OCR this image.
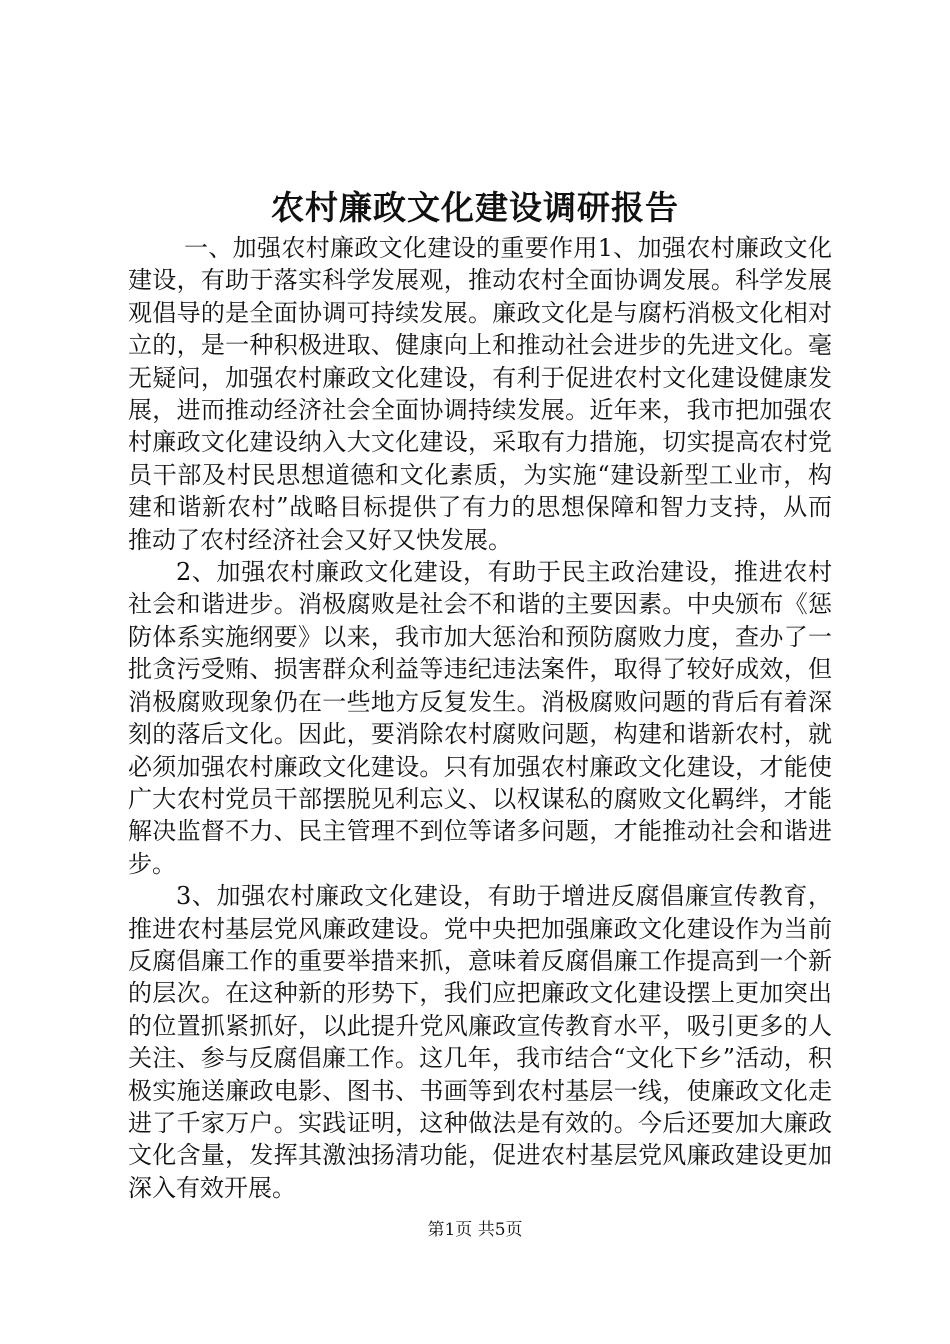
农村廉政文化建设调研报告

一、加强农村廉政文化建设的重要作用1、加强农村廉政文化建设，有助于落实科学发展观，推动农村全面协调发展。科学发展观倡导的是全面协调可持续发展。廉政文化是与腐朽消极文化相对立的，是一种积极进取、健康向上和推动社会进步的先进文化。毫无疑问，加强农村廉政文化建设，有利于促进农村文化建设健康发展，进而推动经济社会全面协调持续发展。近年来，我市把加强农村廉政文化建设纳入大文化建设，采取有力措施，切实提高农村党员干部及村民思想道德和文化素质，为实施“建设新型工业市，构建和谐新农村”战略目标提供了有力的思想保障和智力支持，从而推动了农村经济社会又好又快发展。

2、加强农村廉政文化建设，有助于民主政治建设，推进农村社会和谐进步。消极腐败是社会不和谐的主要因素。中央颁布《惩防体系实施纲要》以来，我市加大惩治和预防腐败力度，查办了一批贪污受贿、损害群众利益等违纪违法案件，取得了较好成效，但消极腐败现象仍在一些地方反复发生。消极腐败问题的背后有着深刻的落后文化。因此，要消除农村腐败问题，构建和谐新农村，就必须加强农村廉政文化建设。只有加强农村廉政文化建设，才能使广大农村党员干部摆脱见利忘义、以权谋私的腐败文化羁绊，才能解决监督不力、民主管理不到位等诸多问题，才能推动社会和谐进步。

3、加强农村廉政文化建设，有助于增进反腐倡廉宣传教育，推进农村基层党风廉政建设。党中央把加强廉政文化建设作为当前反腐倡廉工作的重要举措来抓，意味着反腐倡廉工作提高到一个新的层次。在这种新的形势下，我们应把廉政文化建设摆上更加突出的位置抓紧抓好，以此提升党风廉政宣传教育水平，吸引更多的人关注、参与反腐倡廉工作。这几年，我市结合“文化下乡”活动，积极实施送廉政电影、图书、书画等到农村基层一线，使廉政文化走进了千家万户。实践证明，这种做法是有效的。今后还要加大廉政文化含量，发挥其激浊扬清功能，促进农村基层党风廉政建设更加深入有效开展。

第1页 共5页
